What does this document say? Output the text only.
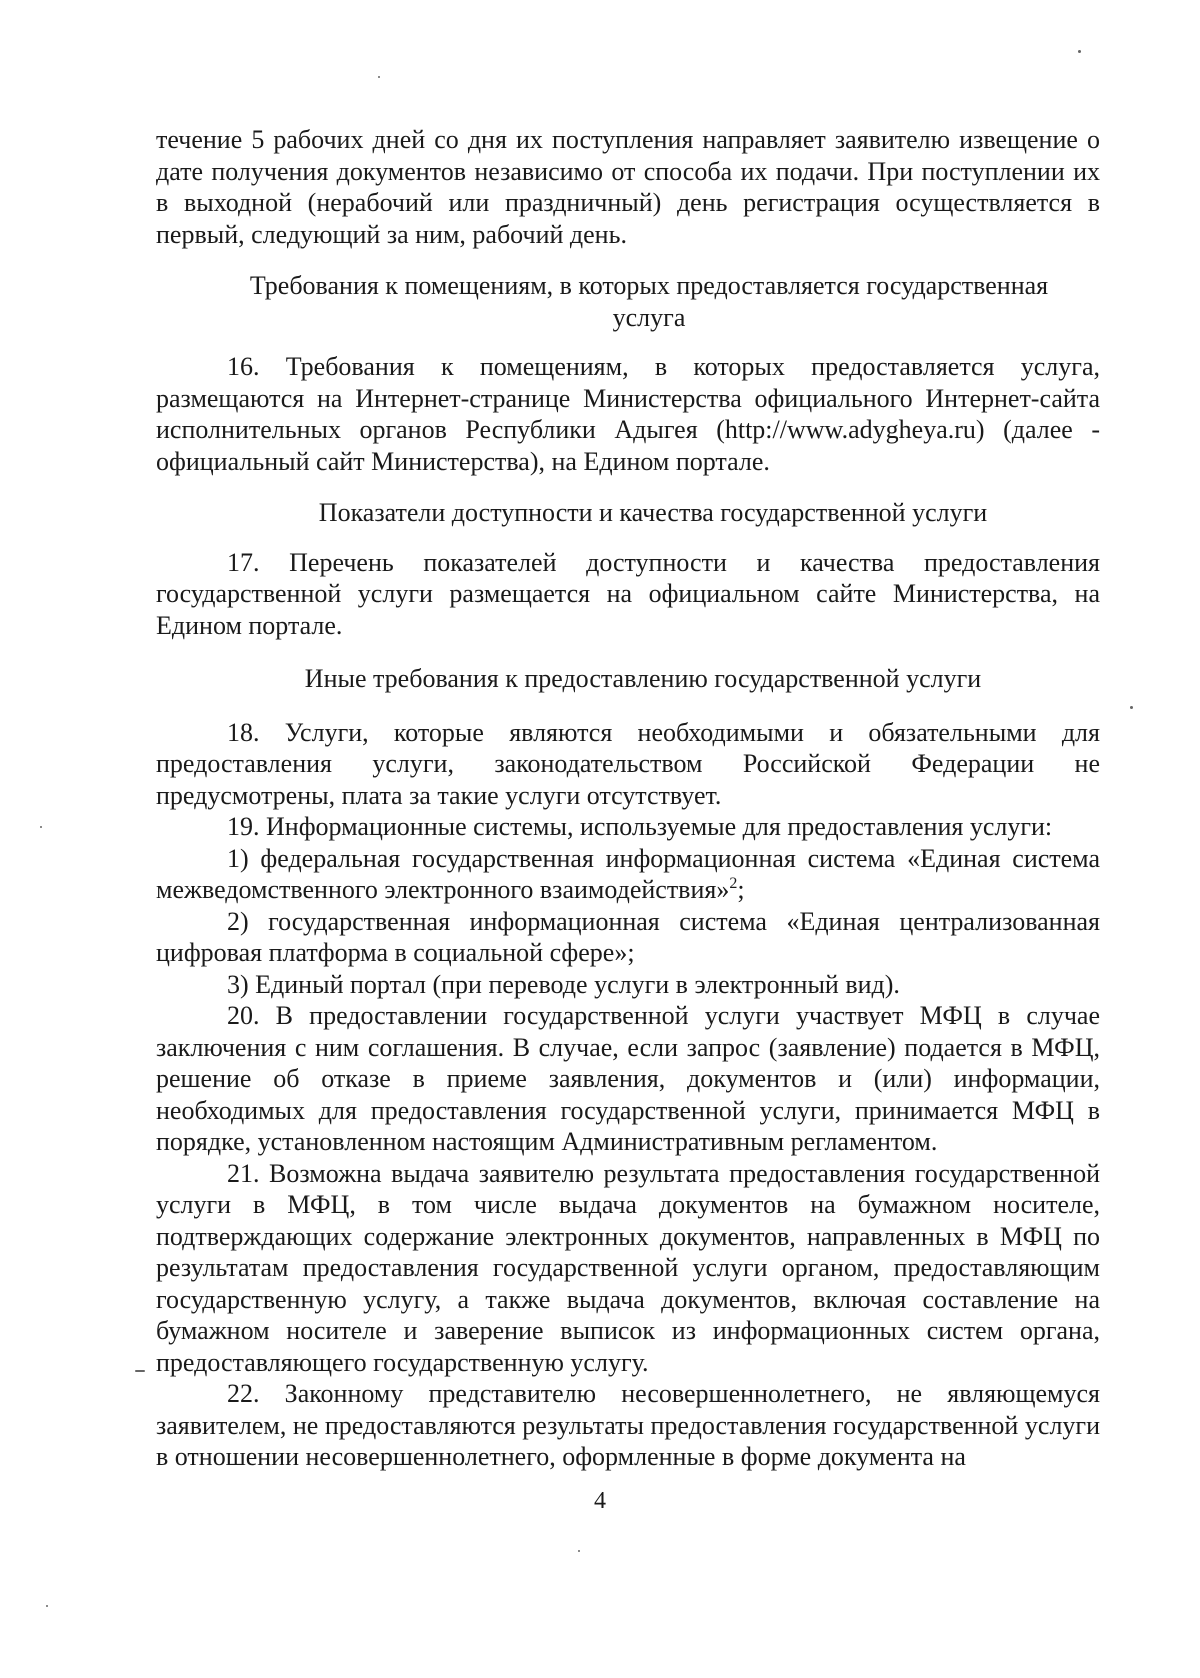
течение 5 рабочих дней со дня их поступления направляет заявителю извещение о дате получения документов независимо от способа их подачи. При поступлении их в выходной (нерабочий или праздничный) день регистрация осуществляется в первый, следующий за ним, рабочий день.

Требования к помещениям, в которых предоставляется государственная услуга

16. Требования к помещениям, в которых предоставляется услуга, размещаются на Интернет-странице Министерства официального Интернет-сайта исполнительных органов Республики Адыгея (http://www.adygheya.ru) (далее - официальный сайт Министерства), на Едином портале.

Показатели доступности и качества государственной услуги

17. Перечень показателей доступности и качества предоставления государственной услуги размещается на официальном сайте Министерства, на Едином портале.

Иные требования к предоставлению государственной услуги

18. Услуги, которые являются необходимыми и обязательными для предоставления услуги, законодательством Российской Федерации не предусмотрены, плата за такие услуги отсутствует.

19. Информационные системы, используемые для предоставления услуги:

1) федеральная государственная информационная система «Единая система межведомственного электронного взаимодействия»$^2$;

2) государственная информационная система «Единая централизованная цифровая платформа в социальной сфере»;

3) Единый портал (при переводе услуги в электронный вид).

20. В предоставлении государственной услуги участвует МФЦ в случае заключения с ним соглашения. В случае, если запрос (заявление) подается в МФЦ, решение об отказе в приеме заявления, документов и (или) информации, необходимых для предоставления государственной услуги, принимается МФЦ в порядке, установленном настоящим Административным регламентом.

21. Возможна выдача заявителю результата предоставления государственной услуги в МФЦ, в том числе выдача документов на бумажном носителе, подтверждающих содержание электронных документов, направленных в МФЦ по результатам предоставления государственной услуги органом, предоставляющим государственную услугу, а также выдача документов, включая составление на бумажном носителе и заверение выписок из информационных систем органа, предоставляющего государственную услугу.

22. Законному представителю несовершеннолетнего, не являющемуся заявителем, не предоставляются результаты предоставления государственной услуги в отношении несовершеннолетнего, оформленные в форме документа на

4
